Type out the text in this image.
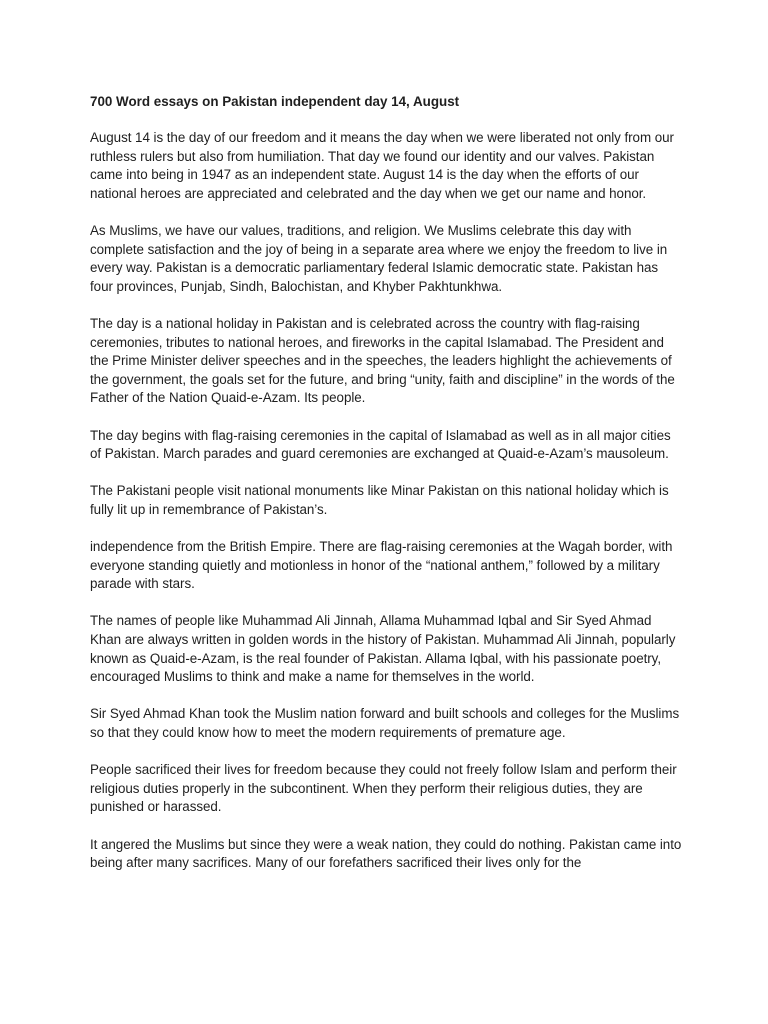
700 Word essays on Pakistan independent day 14, August

August 14 is the day of our freedom and it means the day when we were liberated not only from our ruthless rulers but also from humiliation. That day we found our identity and our valves. Pakistan came into being in 1947 as an independent state. August 14 is the day when the efforts of our national heroes are appreciated and celebrated and the day when we get our name and honor.

As Muslims, we have our values, traditions, and religion. We Muslims celebrate this day with complete satisfaction and the joy of being in a separate area where we enjoy the freedom to live in every way. Pakistan is a democratic parliamentary federal Islamic democratic state. Pakistan has four provinces, Punjab, Sindh, Balochistan, and Khyber Pakhtunkhwa.

The day is a national holiday in Pakistan and is celebrated across the country with flag-raising ceremonies, tributes to national heroes, and fireworks in the capital Islamabad. The President and the Prime Minister deliver speeches and in the speeches, the leaders highlight the achievements of the government, the goals set for the future, and bring “unity, faith and discipline” in the words of the Father of the Nation Quaid-e-Azam. Its people.

The day begins with flag-raising ceremonies in the capital of Islamabad as well as in all major cities of Pakistan. March parades and guard ceremonies are exchanged at Quaid-e-Azam’s mausoleum.

The Pakistani people visit national monuments like Minar Pakistan on this national holiday which is fully lit up in remembrance of Pakistan’s.

independence from the British Empire. There are flag-raising ceremonies at the Wagah border, with everyone standing quietly and motionless in honor of the “national anthem,” followed by a military parade with stars.

The names of people like Muhammad Ali Jinnah, Allama Muhammad Iqbal and Sir Syed Ahmad Khan are always written in golden words in the history of Pakistan. Muhammad Ali Jinnah, popularly known as Quaid-e-Azam, is the real founder of Pakistan. Allama Iqbal, with his passionate poetry, encouraged Muslims to think and make a name for themselves in the world.

Sir Syed Ahmad Khan took the Muslim nation forward and built schools and colleges for the Muslims so that they could know how to meet the modern requirements of premature age.

People sacrificed their lives for freedom because they could not freely follow Islam and perform their religious duties properly in the subcontinent. When they perform their religious duties, they are punished or harassed.

It angered the Muslims but since they were a weak nation, they could do nothing. Pakistan came into being after many sacrifices. Many of our forefathers sacrificed their lives only for the
